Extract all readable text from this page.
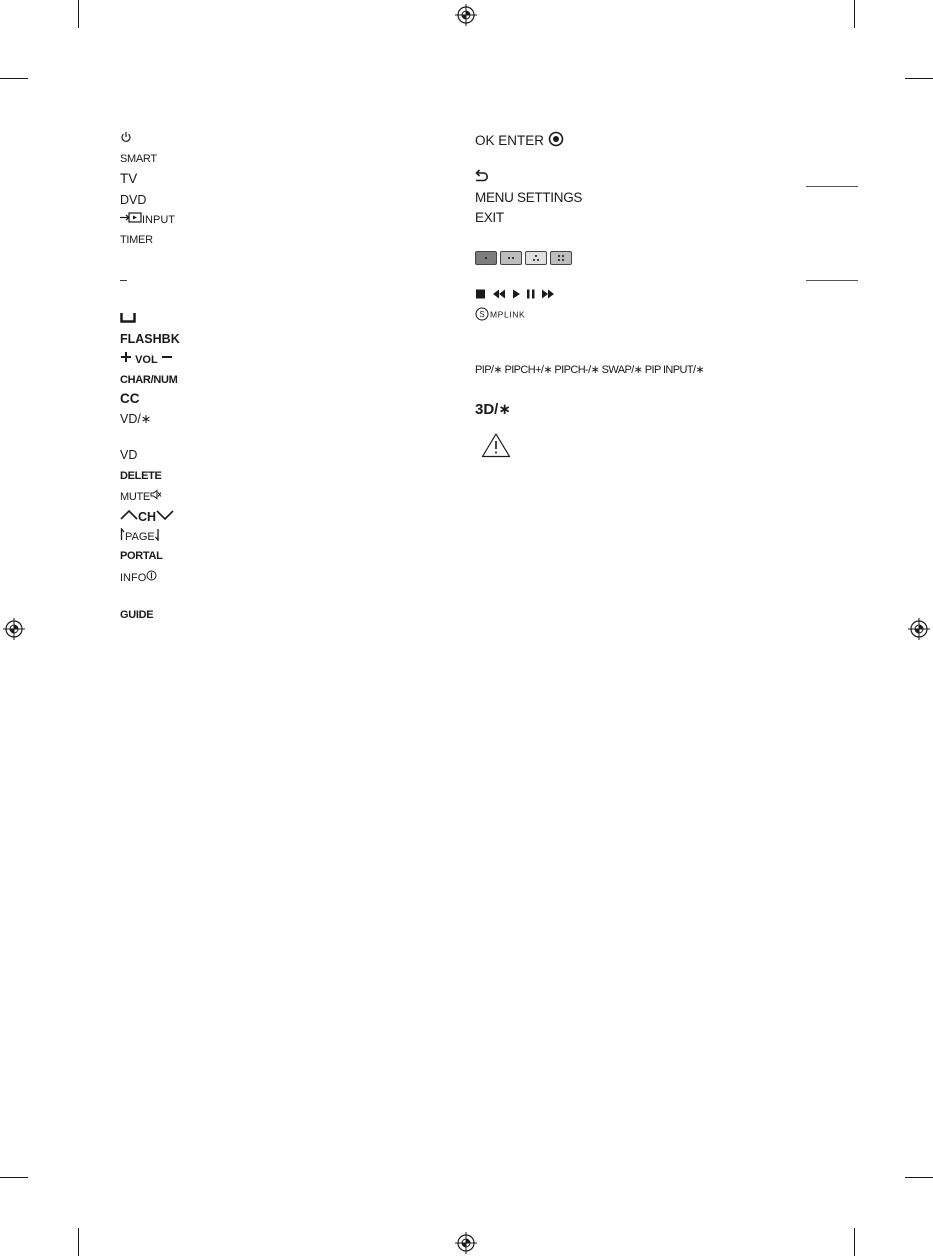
SMART
TV
DVD
INPUT
TIMER
–
FLASHBK
VOL
CHAR/NUM
CC
VD/∗
VD
DELETE
MUTE
CH
PAGE
PORTAL
INFO
GUIDE
OK ENTER
MENU SETTINGS
EXIT
S MPLINK
PIP/∗ PIPCH+/∗ PIPCH-/∗ SWAP/∗ PIP INPUT/∗
3D/∗
